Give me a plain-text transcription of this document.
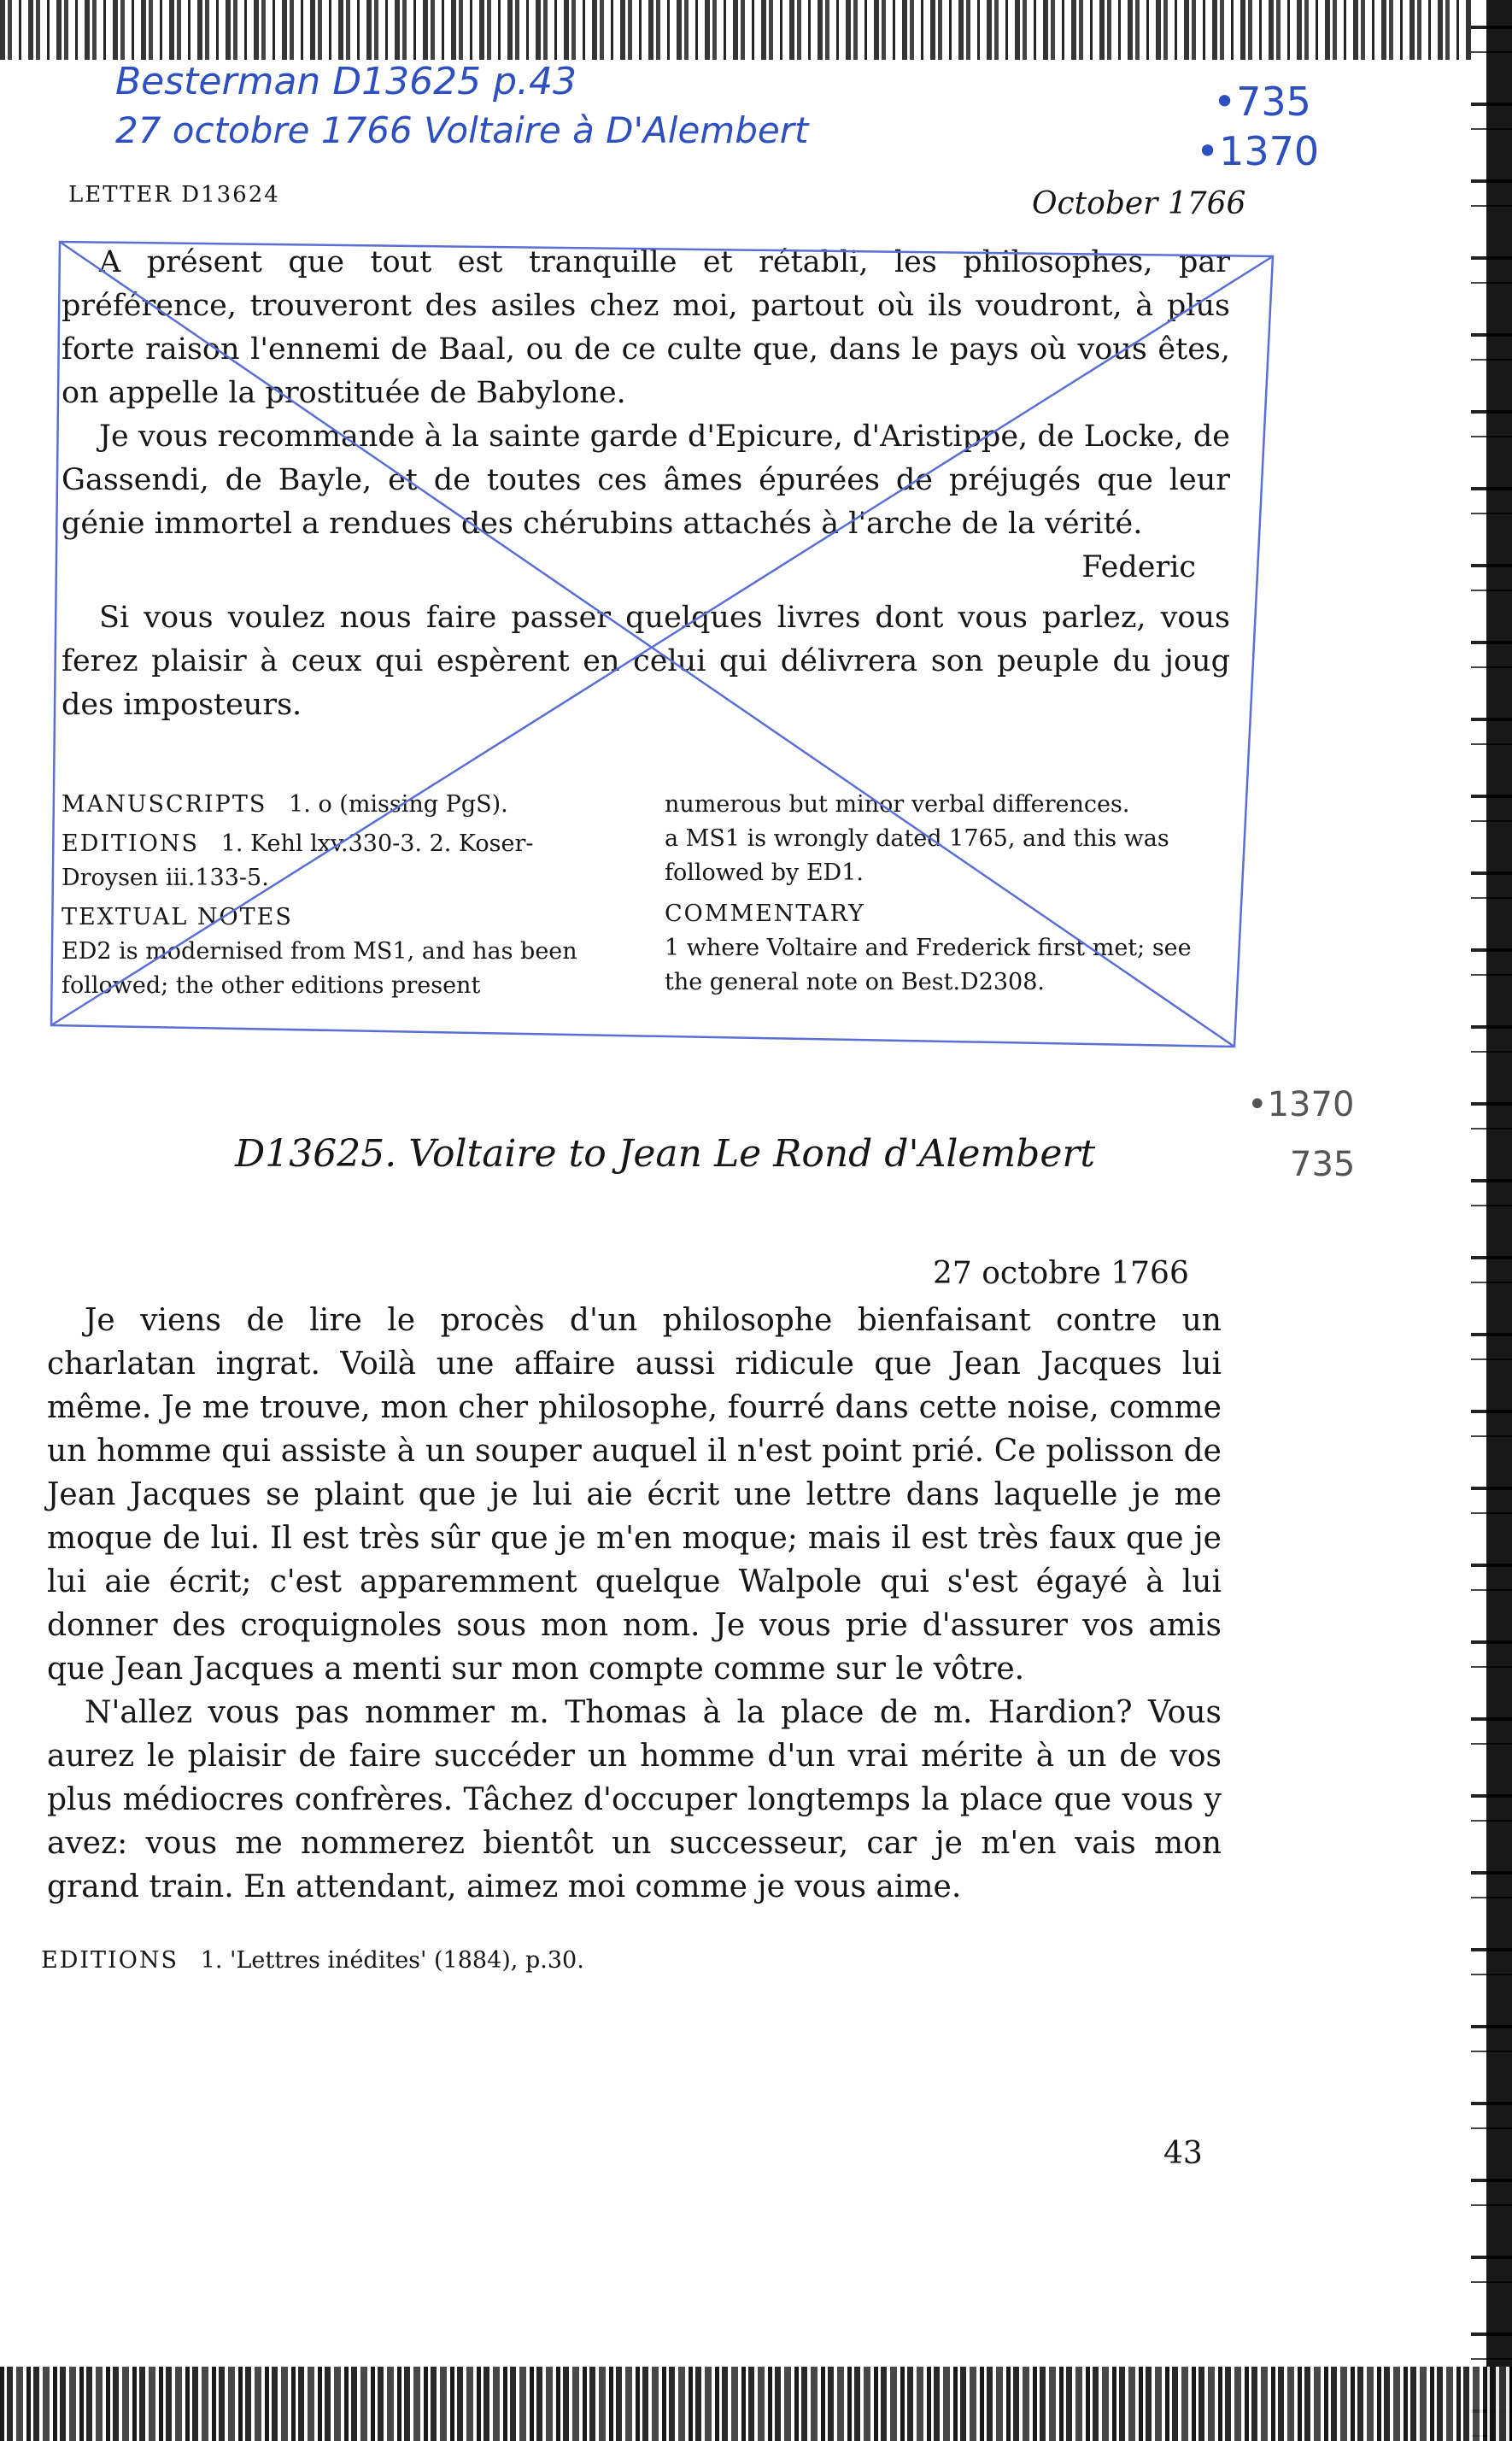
Besterman D13625 p.43
27 octobre 1766 Voltaire à D'Alembert
•735
•1370
•1370
735
LETTER D13624	October 1766
A présent que tout est tranquille et rétabli, les philosophes, par préférence, trouveront des asiles chez moi, partout où ils voudront, à plus forte raison l'ennemi de Baal, ou de ce culte que, dans le pays où vous êtes, on appelle la prostituée de Babylone.
Je vous recommande à la sainte garde d'Epicure, d'Aristippe, de Locke, de Gassendi, de Bayle, et de toutes ces âmes épurées de préjugés que leur génie immortel a rendues des chérubins attachés à l'arche de la vérité.
Federic
Si vous voulez nous faire passer quelques livres dont vous parlez, vous ferez plaisir à ceux qui espèrent en celui qui délivrera son peuple du joug des imposteurs.
MANUSCRIPTS 1. o (missing PgS).
EDITIONS 1. Kehl lxv.330-3. 2. Koser-Droysen iii.133-5.
TEXTUAL NOTES
ED2 is modernised from MS1, and has been followed; the other editions present
numerous but minor verbal differences.
a MS1 is wrongly dated 1765, and this was followed by ED1.
COMMENTARY
1 where Voltaire and Frederick first met; see the general note on Best.D2308.
D13625. Voltaire to Jean Le Rond d'Alembert
27 octobre 1766
Je viens de lire le procès d'un philosophe bienfaisant contre un charlatan ingrat. Voilà une affaire aussi ridicule que Jean Jacques lui même. Je me trouve, mon cher philosophe, fourré dans cette noise, comme un homme qui assiste à un souper auquel il n'est point prié. Ce polisson de Jean Jacques se plaint que je lui aie écrit une lettre dans laquelle je me moque de lui. Il est très sûr que je m'en moque; mais il est très faux que je lui aie écrit; c'est apparemment quelque Walpole qui s'est égayé à lui donner des croquignoles sous mon nom. Je vous prie d'assurer vos amis que Jean Jacques a menti sur mon compte comme sur le vôtre.
N'allez vous pas nommer m. Thomas à la place de m. Hardion? Vous aurez le plaisir de faire succéder un homme d'un vrai mérite à un de vos plus médiocres confrères. Tâchez d'occuper longtemps la place que vous y avez: vous me nommerez bientôt un successeur, car je m'en vais mon grand train. En attendant, aimez moi comme je vous aime.
EDITIONS 1. 'Lettres inédites' (1884), p.30.
43
